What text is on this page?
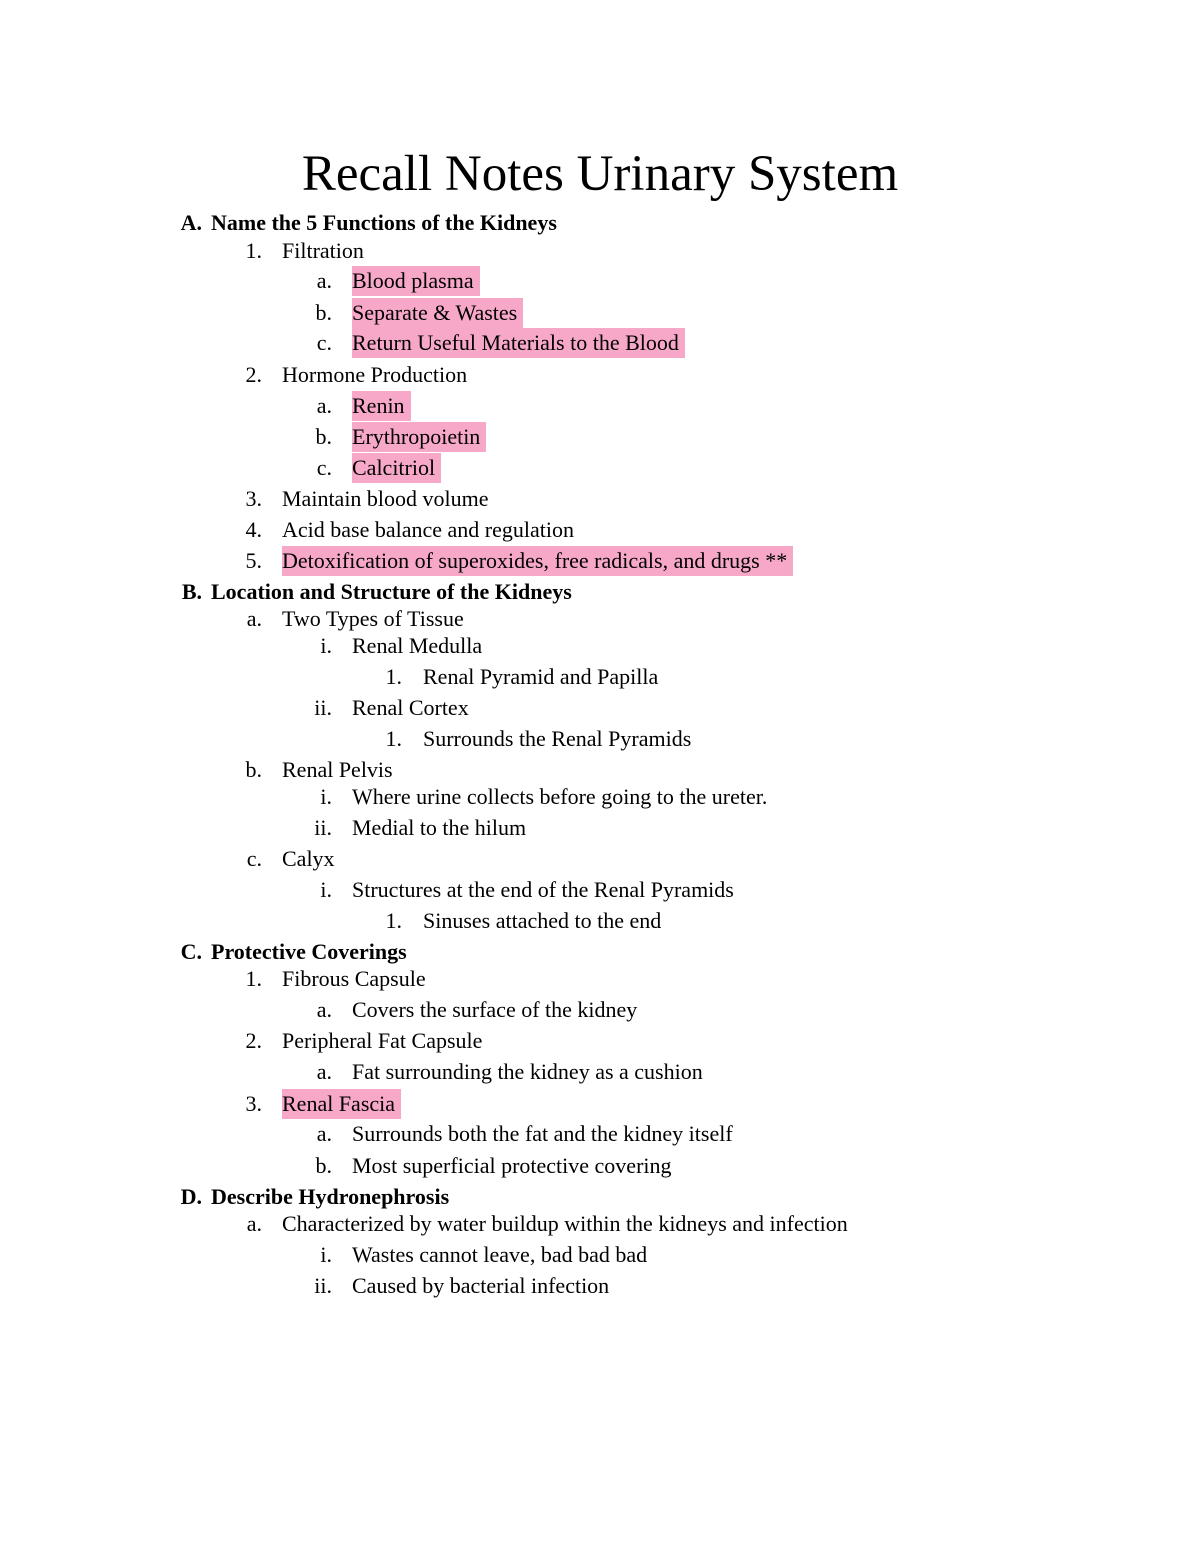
Recall Notes Urinary System
A. Name the 5 Functions of the Kidneys
1. Filtration
a. Blood plasma
b. Separate & Wastes
c. Return Useful Materials to the Blood
2. Hormone Production
a. Renin
b. Erythropoietin
c. Calcitriol
3. Maintain blood volume
4. Acid base balance and regulation
5. Detoxification of superoxides, free radicals, and drugs **
B. Location and Structure of the Kidneys
a. Two Types of Tissue
i. Renal Medulla
1. Renal Pyramid and Papilla
ii. Renal Cortex
1. Surrounds the Renal Pyramids
b. Renal Pelvis
i. Where urine collects before going to the ureter.
ii. Medial to the hilum
c. Calyx
i. Structures at the end of the Renal Pyramids
1. Sinuses attached to the end
C. Protective Coverings
1. Fibrous Capsule
a. Covers the surface of the kidney
2. Peripheral Fat Capsule
a. Fat surrounding the kidney as a cushion
3. Renal Fascia
a. Surrounds both the fat and the kidney itself
b. Most superficial protective covering
D. Describe Hydronephrosis
a. Characterized by water buildup within the kidneys and infection
i. Wastes cannot leave, bad bad bad
ii. Caused by bacterial infection
